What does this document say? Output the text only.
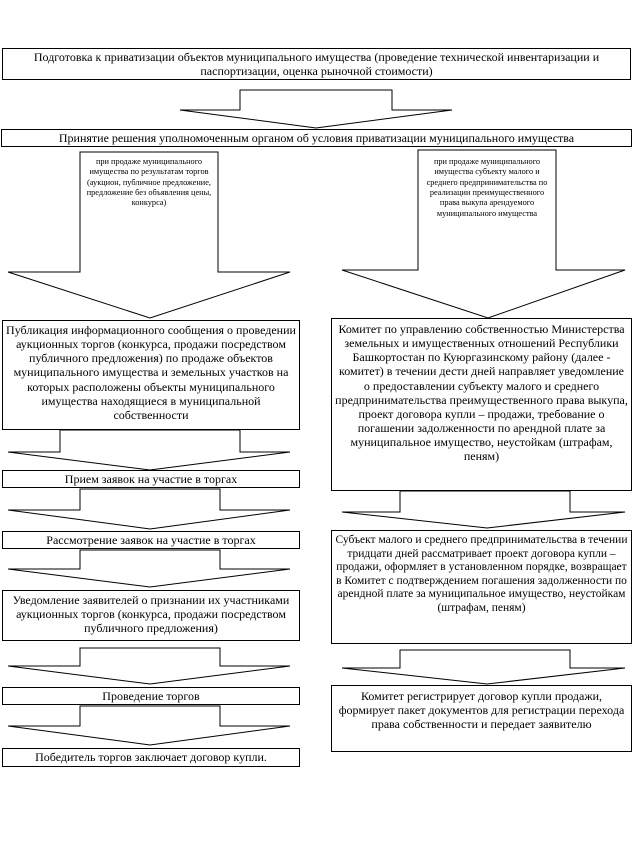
Подготовка к приватизации объектов муниципального имущества (проведение технической инвентаризации и паспортизации, оценка рыночной стоимости)
Принятие решения уполномоченным органом об условия приватизации муниципального имущества
при продаже муниципального имущества по результатам торгов (аукцион, публичное предложение, предложение без объявления цены, конкурса)
при продаже муниципального имущества субъекту малого и среднего предпринимательства по реализации преимущественного права выкупа арендуемого муниципального имущества
Публикация информационного сообщения о проведении аукционных торгов (конкурса, продажи посредством публичного предложения) по продаже объектов муниципального имущества и земельных участков на которых расположены объекты муниципального имущества находящиеся в муниципальной собственности
Прием заявок на участие в торгах
Рассмотрение заявок на участие в торгах
Уведомление заявителей о признании их участниками аукционных торгов (конкурса, продажи посредством публичного предложения)
Проведение торгов
Победитель торгов заключает договор купли.
Комитет по управлению собственностью Министерства земельных и имущественных отношений Республики Башкортостан по Куюргазинскому району (далее - комитет) в течении дести дней направляет уведомление о предоставлении субъекту малого и среднего предпринимательства преимущественного права выкупа, проект договора купли – продажи, требование о погашении задолженности по арендной плате за муниципальное имущество, неустойкам (штрафам, пеням)
Субъект малого и среднего предпринимательства в течении тридцати дней рассматривает проект договора купли – продажи, оформляет в установленном порядке, возвращает в Комитет с подтверждением погашения задолженности по арендной плате за муниципальное имущество, неустойкам (штрафам, пеням)
Комитет регистрирует договор купли продажи, формирует пакет документов для регистрации перехода права собственности и передает заявителю
